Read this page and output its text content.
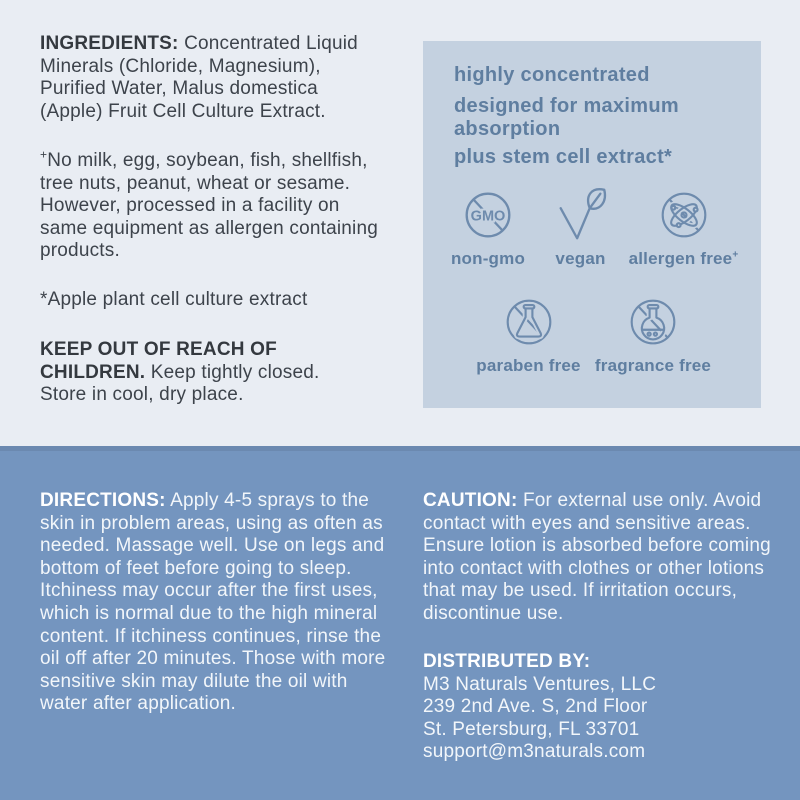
INGREDIENTS: Concentrated Liquid Minerals (Chloride, Magnesium), Purified Water, Malus domestica (Apple) Fruit Cell Culture Extract.

+No milk, egg, soybean, fish, shellfish, tree nuts, peanut, wheat or sesame. However, processed in a facility on same equipment as allergen containing products.

*Apple plant cell culture extract

KEEP OUT OF REACH OF CHILDREN. Keep tightly closed. Store in cool, dry place.

highly concentrated

designed for maximum absorption

plus stem cell extract*

GMO
non-gmo	vegan	allergen free+
paraben free fragrance free

DIRECTIONS: Apply 4-5 sprays to the skin in problem areas, using as often as needed. Massage well. Use on legs and bottom of feet before going to sleep. Itchiness may occur after the first uses, which is normal due to the high mineral content. If itchiness continues, rinse the oil off after 20 minutes. Those with more sensitive skin may dilute the oil with water after application.

CAUTION: For external use only. Avoid contact with eyes and sensitive areas. Ensure lotion is absorbed before coming into contact with clothes or other lotions that may be used. If irritation occurs, discontinue use.

DISTRIBUTED BY:
M3 Naturals Ventures, LLC
239 2nd Ave. S, 2nd Floor
St. Petersburg, FL 33701
support@m3naturals.com
